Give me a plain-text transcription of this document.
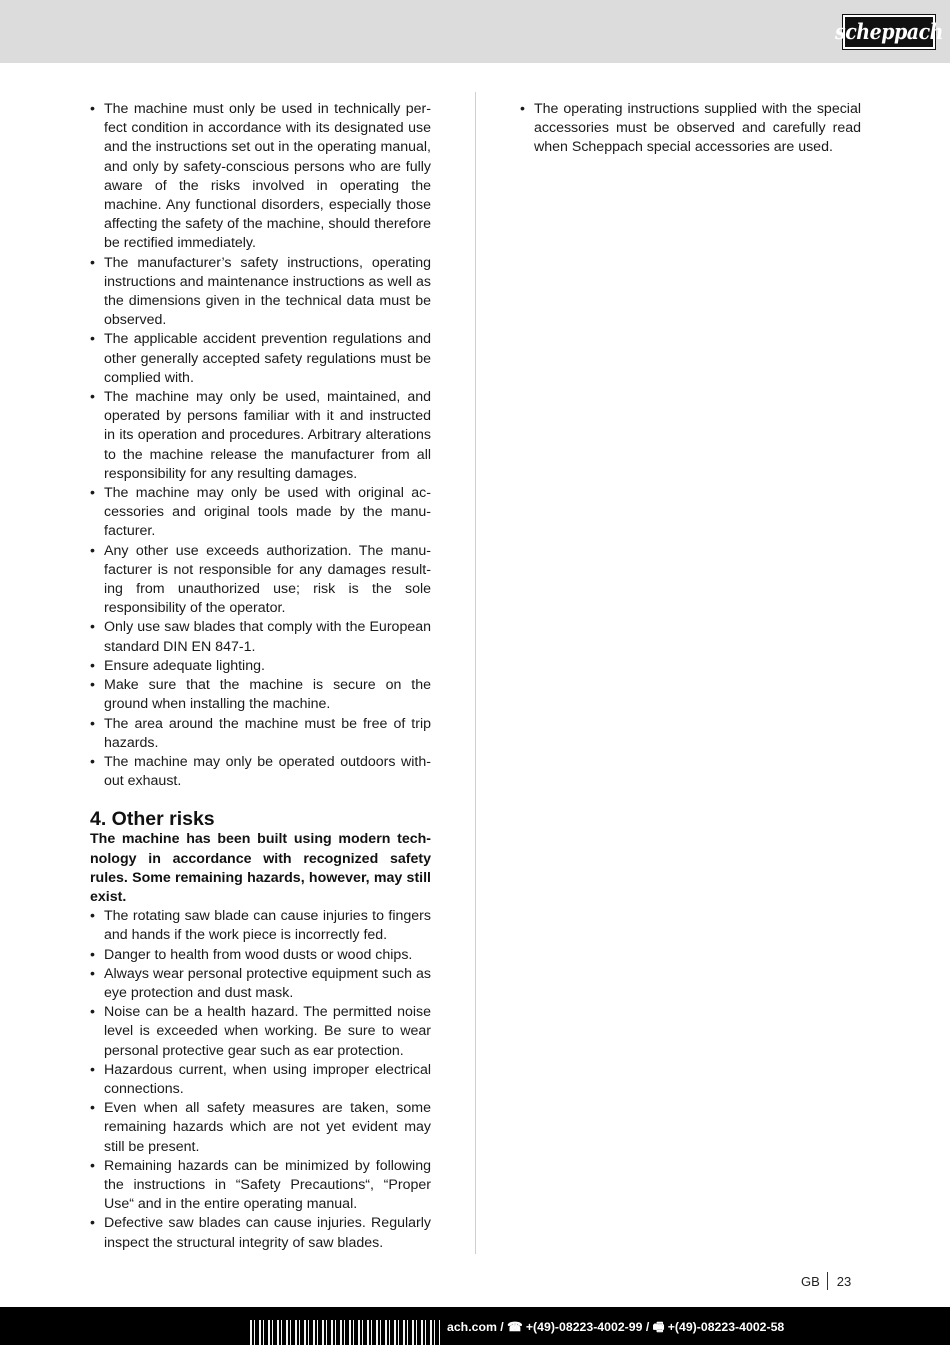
scheppach
• The machine must only be used in technically perfect condition in accordance with its designated use and the instructions set out in the operating manual, and only by safety-conscious persons who are fully aware of the risks involved in operating the machine. Any functional disorders, especially those affecting the safety of the machine, should therefore be rectified immediately.
• The manufacturer’s safety instructions, operating instructions and maintenance instructions as well as the dimensions given in the technical data must be observed.
• The applicable accident prevention regulations and other generally accepted safety regulations must be complied with.
• The machine may only be used, maintained, and operated by persons familiar with it and instructed in its operation and procedures. Arbitrary alterations to the machine release the manufacturer from all responsibility for any resulting damages.
• The machine may only be used with original accessories and original tools made by the manufacturer.
• Any other use exceeds authorization. The manufacturer is not responsible for any damages resulting from unauthorized use; risk is the sole responsibility of the operator.
• Only use saw blades that comply with the European standard DIN EN 847-1.
• Ensure adequate lighting.
• Make sure that the machine is secure on the ground when installing the machine.
• The area around the machine must be free of trip hazards.
• The machine may only be operated outdoors without exhaust.
4. Other risks

The machine has been built using modern technology in accordance with recognized safety rules. Some remaining hazards, however, may still exist.

• The rotating saw blade can cause injuries to fingers and hands if the work piece is incorrectly fed.
• Danger to health from wood dusts or wood chips.
• Always wear personal protective equipment such as eye protection and dust mask.
• Noise can be a health hazard. The permitted noise level is exceeded when working. Be sure to wear personal protective gear such as ear protection.
• Hazardous current, when using improper electrical connections.
• Even when all safety measures are taken, some remaining hazards which are not yet evident may still be present.
• Remaining hazards can be minimized by following the instructions in “Safety Precautions“, “Proper Use“ and in the entire operating manual.
• Defective saw blades can cause injuries. Regularly inspect the structural integrity of saw blades.
• The operating instructions supplied with the special accessories must be observed and carefully read when Scheppach special accessories are used.
GB 23
ach.com / ☎ +(49)-08223-4002-99 / 🖷 +(49)-08223-4002-58
